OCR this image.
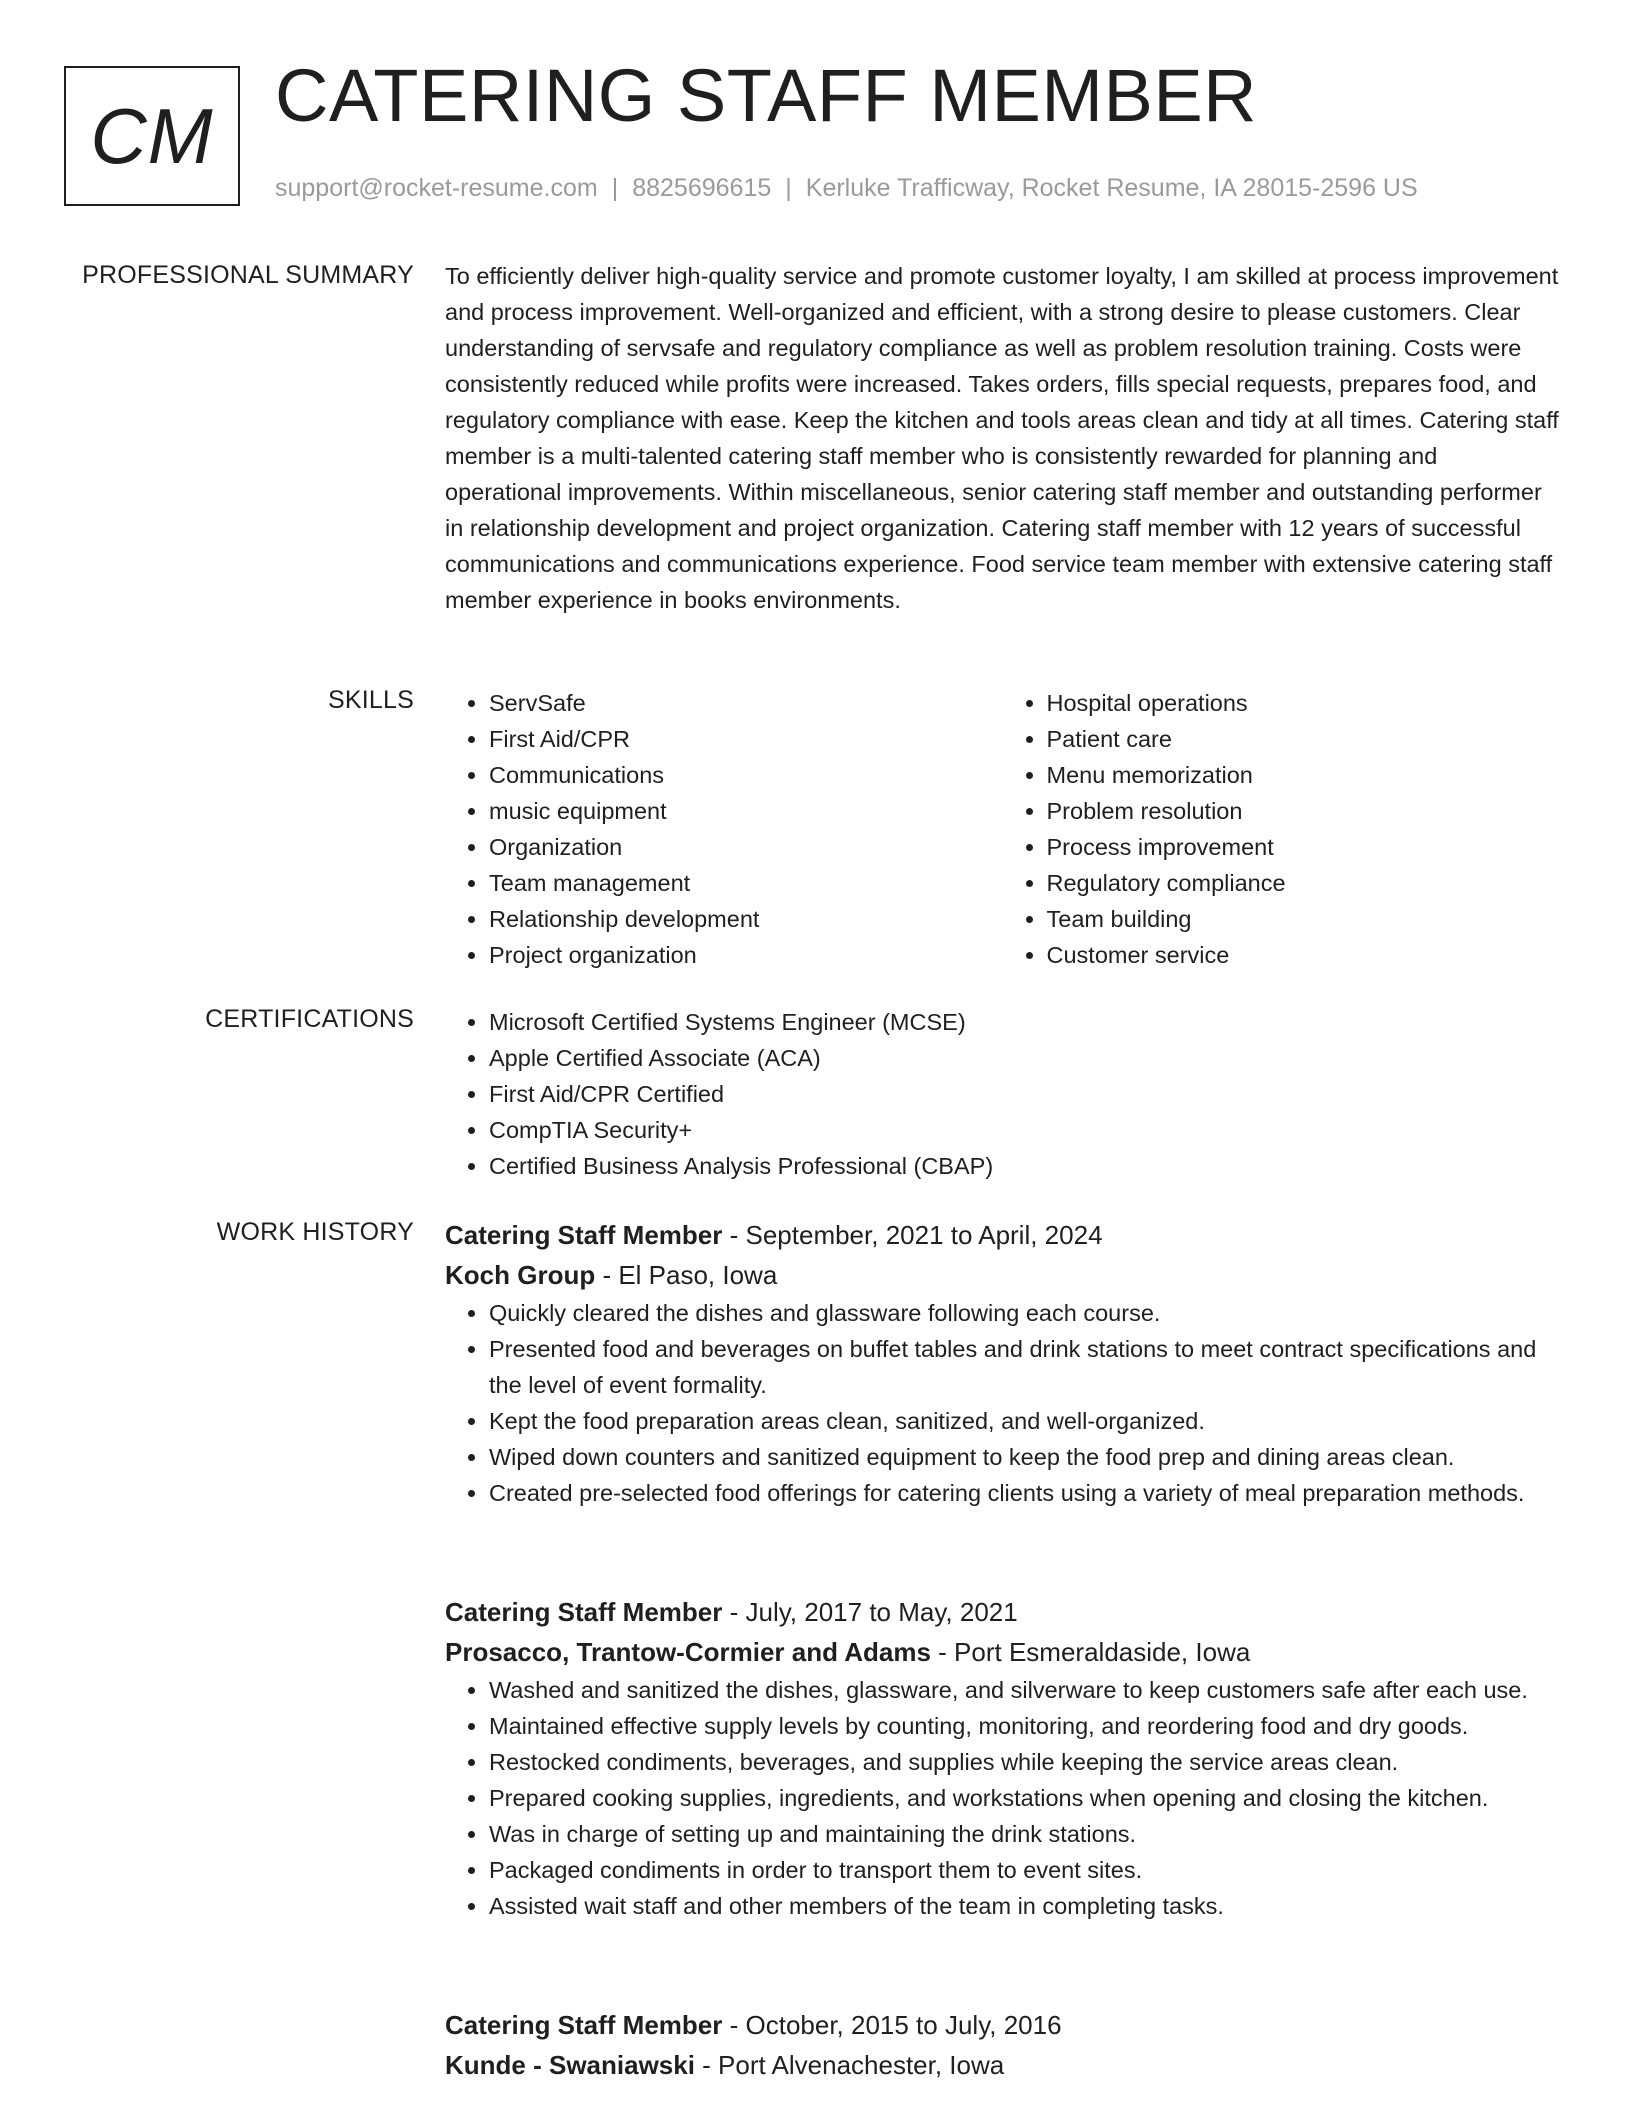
CM CATERING STAFF MEMBER
support@rocket-resume.com | 8825696615 | Kerluke Trafficway, Rocket Resume, IA 28015-2596 US
PROFESSIONAL SUMMARY To efficiently deliver high-quality service and promote customer loyalty, I am skilled at process improvement and process improvement. Well-organized and efficient, with a strong desire to please customers. Clear understanding of servsafe and regulatory compliance as well as problem resolution training. Costs were consistently reduced while profits were increased. Takes orders, fills special requests, prepares food, and regulatory compliance with ease. Keep the kitchen and tools areas clean and tidy at all times. Catering staff member is a multi-talented catering staff member who is consistently rewarded for planning and operational improvements. Within miscellaneous, senior catering staff member and outstanding performer in relationship development and project organization. Catering staff member with 12 years of successful communications and communications experience. Food service team member with extensive catering staff member experience in books environments.
SKILLS	• ServSafe
• First Aid/CPR
• Communications
• music equipment
• Organization
• Team management
• Relationship development
• Project organization
• Hospital operations
• Patient care
• Menu memorization
• Problem resolution
• Process improvement
• Regulatory compliance
• Team building
• Customer service
CERTIFICATIONS	• Microsoft Certified Systems Engineer (MCSE)
• Apple Certified Associate (ACA)
• First Aid/CPR Certified
• CompTIA Security+
• Certified Business Analysis Professional (CBAP)
WORK HISTORY Catering Staff Member - September, 2021 to April, 2024
Koch Group - El Paso, Iowa
• Quickly cleared the dishes and glassware following each course.
• Presented food and beverages on buffet tables and drink stations to meet contract specifications and the level of event formality.
• Kept the food preparation areas clean, sanitized, and well-organized.
• Wiped down counters and sanitized equipment to keep the food prep and dining areas clean.
• Created pre-selected food offerings for catering clients using a variety of meal preparation methods.
Catering Staff Member - July, 2017 to May, 2021
Prosacco, Trantow-Cormier and Adams - Port Esmeraldaside, Iowa
• Washed and sanitized the dishes, glassware, and silverware to keep customers safe after each use.
• Maintained effective supply levels by counting, monitoring, and reordering food and dry goods.
• Restocked condiments, beverages, and supplies while keeping the service areas clean.
• Prepared cooking supplies, ingredients, and workstations when opening and closing the kitchen.
• Was in charge of setting up and maintaining the drink stations.
• Packaged condiments in order to transport them to event sites.
• Assisted wait staff and other members of the team in completing tasks.
Catering Staff Member - October, 2015 to July, 2016
Kunde - Swaniawski - Port Alvenachester, Iowa
